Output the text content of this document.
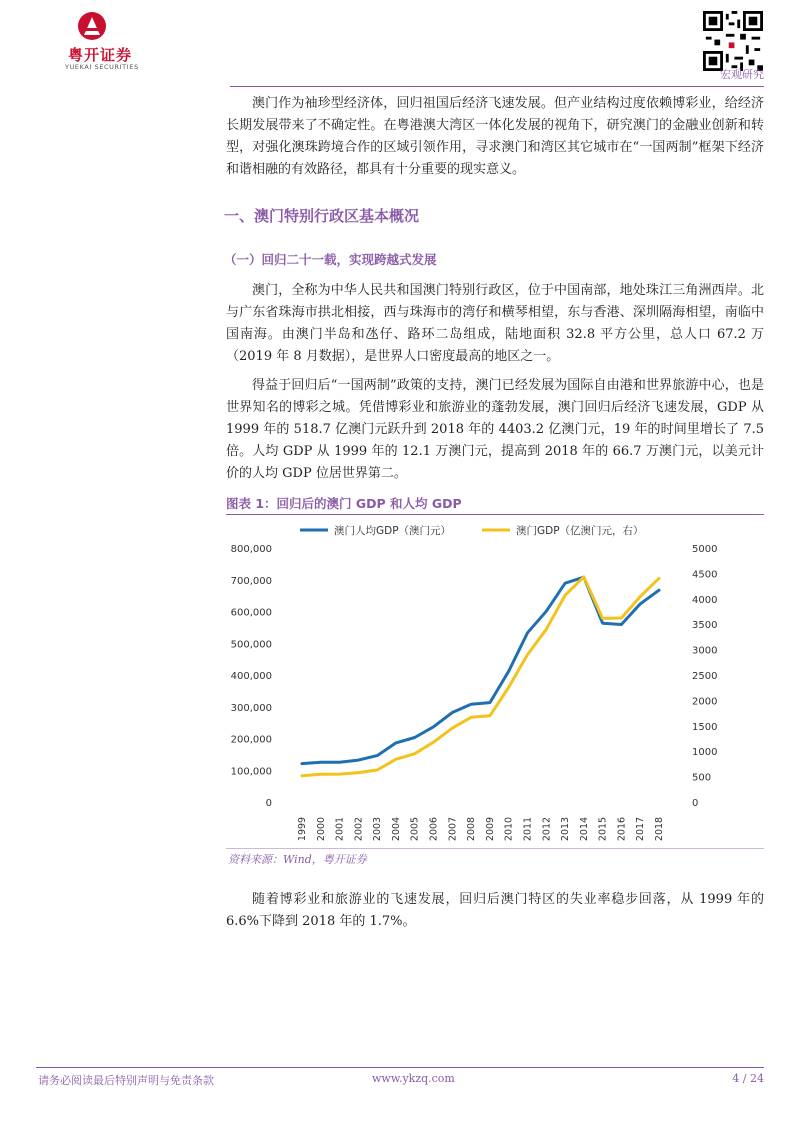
粤开证券
YUEKAI SECURITIES
宏观研究

澳门作为袖珍型经济体，回归祖国后经济飞速发展。但产业结构过度依赖博彩业，给经济长期发展带来了不确定性。在粤港澳大湾区一体化发展的视角下，研究澳门的金融业创新和转型，对强化澳珠跨境合作的区域引领作用，寻求澳门和湾区其它城市在“一国两制”框架下经济和谐相融的有效路径，都具有十分重要的现实意义。

一、澳门特别行政区基本概况
（一）回归二十一载，实现跨越式发展

澳门，全称为中华人民共和国澳门特别行政区，位于中国南部，地处珠江三角洲西岸。北与广东省珠海市拱北相接，西与珠海市的湾仔和横琴相望，东与香港、深圳隔海相望，南临中国南海。由澳门半岛和氹仔、路环二岛组成，陆地面积 32.8 平方公里，总人口 67.2 万（2019 年 8 月数据），是世界人口密度最高的地区之一。

得益于回归后“一国两制”政策的支持，澳门已经发展为国际自由港和世界旅游中心，也是世界知名的博彩之城。凭借博彩业和旅游业的蓬勃发展，澳门回归后经济飞速发展，GDP 从 1999 年的 518.7 亿澳门元跃升到 2018 年的 4403.2 亿澳门元，19 年的时间里增长了 7.5 倍。人均 GDP 从 1999 年的 12.1 万澳门元，提高到 2018 年的 66.7 万澳门元，以美元计价的人均 GDP 位居世界第二。

图表 1：回归后的澳门 GDP 和人均 GDP
澳门人均GDP（澳门元）	澳门GDP（亿澳门元，右）
0
100,000
200,000
300,000
400,000
500,000
600,000
700,000
800,000
0
500
1000
1500
2000
2500
3000
3500
4000
4500
5000
1999 2000 2001 2002 2003 2004 2005 2006 2007 2008 2009 2010 2011 2012 2013 2014 2015 2016 2017 2018
资料来源：Wind，粤开证券

随着博彩业和旅游业的飞速发展，回归后澳门特区的失业率稳步回落，从 1999 年的 6.6%下降到 2018 年的 1.7%。

请务必阅读最后特别声明与免责条款	www.ykzq.com	4 / 24
